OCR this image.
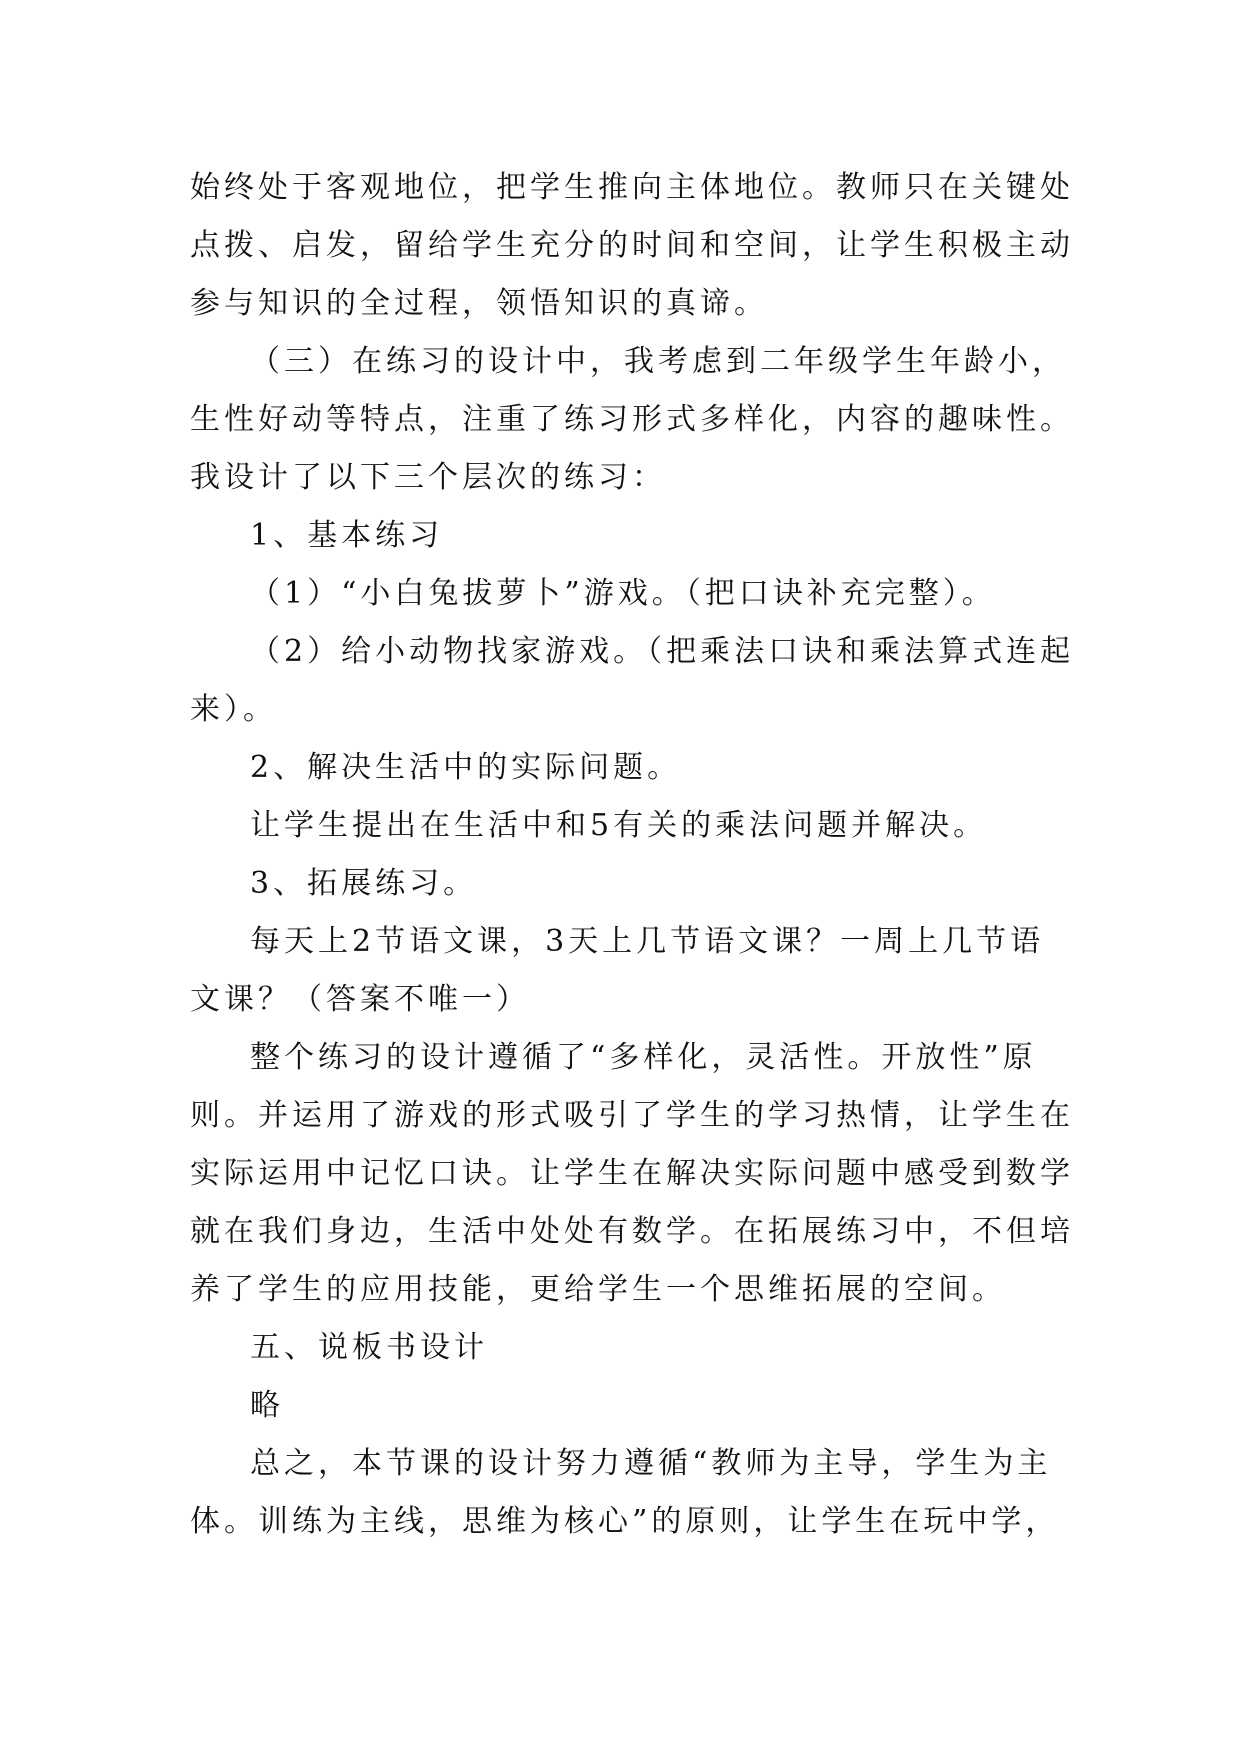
始终处于客观地位，把学生推向主体地位。教师只在关键处
点拨、启发，留给学生充分的时间和空间，让学生积极主动
参与知识的全过程，领悟知识的真谛。
（三）在练习的设计中，我考虑到二年级学生年龄小，
生性好动等特点，注重了练习形式多样化，内容的趣味性。
我设计了以下三个层次的练习：
1、基本练习
（1）“小白兔拔萝卜”游戏。（把口诀补充完整）。
（2）给小动物找家游戏。（把乘法口诀和乘法算式连起
来）。
2、解决生活中的实际问题。
让学生提出在生活中和5有关的乘法问题并解决。
3、拓展练习。
每天上2节语文课，3天上几节语文课？一周上几节语
文课？（答案不唯一）
整个练习的设计遵循了“多样化，灵活性。开放性”原
则。并运用了游戏的形式吸引了学生的学习热情，让学生在
实际运用中记忆口诀。让学生在解决实际问题中感受到数学
就在我们身边，生活中处处有数学。在拓展练习中，不但培
养了学生的应用技能，更给学生一个思维拓展的空间。
五、说板书设计
略
总之，本节课的设计努力遵循“教师为主导，学生为主
体。训练为主线，思维为核心”的原则，让学生在玩中学，
